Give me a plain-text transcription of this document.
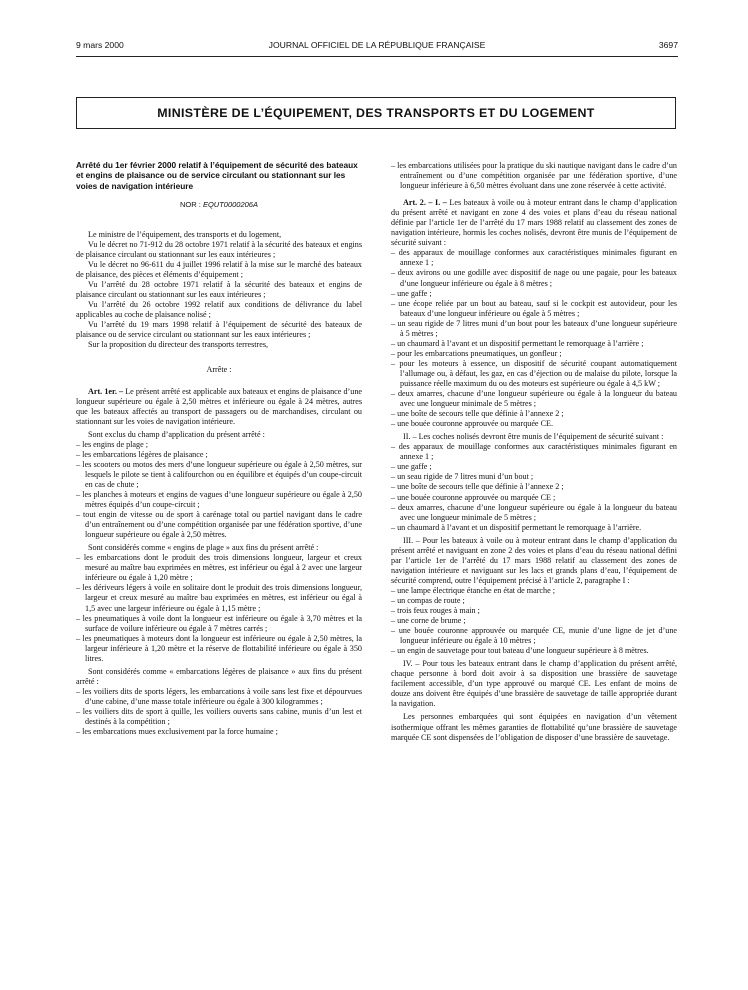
9 mars 2000	JOURNAL OFFICIEL DE LA RÉPUBLIQUE FRANÇAISE	3697
MINISTÈRE DE L’ÉQUIPEMENT, DES TRANSPORTS ET DU LOGEMENT

Arrêté du 1er février 2000 relatif à l’équipement de sécurité des bateaux et engins de plaisance ou de service circulant ou stationnant sur les voies de navigation intérieure

NOR : EQUT0000206A

Le ministre de l’équipement, des transports et du logement,

Vu le décret no 71-912 du 28 octobre 1971 relatif à la sécurité des bateaux et engins de plaisance circulant ou stationnant sur les eaux intérieures ;

Vu le décret no 96-611 du 4 juillet 1996 relatif à la mise sur le marché des bateaux de plaisance, des pièces et éléments d’équipement ;

Vu l’arrêté du 28 octobre 1971 relatif à la sécurité des bateaux et engins de plaisance circulant ou stationnant sur les eaux intérieures ;

Vu l’arrêté du 26 octobre 1992 relatif aux conditions de délivrance du label applicables au coche de plaisance nolisé ;

Vu l’arrêté du 19 mars 1998 relatif à l’équipement de sécurité des bateaux de plaisance ou de service circulant ou stationnant sur les eaux intérieures ;

Sur la proposition du directeur des transports terrestres,

Arrête :

Art. 1er. – Le présent arrêté est applicable aux bateaux et engins de plaisance d’une longueur supérieure ou égale à 2,50 mètres et inférieure ou égale à 24 mètres, autres que les bateaux affectés au transport de passagers ou de marchandises, circulant ou stationnant sur les voies de navigation intérieure.

Sont exclus du champ d’application du présent arrêté :

– les engins de plage ;
– les embarcations légères de plaisance ;
– les scooters ou motos des mers d’une longueur supérieure ou égale à 2,50 mètres, sur lesquels le pilote se tient à califourchon ou en équilibre et équipés d’un coupe-circuit en cas de chute ;
– les planches à moteurs et engins de vagues d’une longueur supérieure ou égale à 2,50 mètres équipés d’un coupe-circuit ;
– tout engin de vitesse ou de sport à carénage total ou partiel navigant dans le cadre d’un entraînement ou d’une compétition organisée par une fédération sportive, d’une longueur supérieure ou égale à 2,50 mètres.

Sont considérés comme « engins de plage » aux fins du présent arrêté :

– les embarcations dont le produit des trois dimensions longueur, largeur et creux mesuré au maître bau exprimées en mètres, est inférieur ou égal à 2 avec une largeur inférieure ou égale à 1,20 mètre ;
– les dériveurs légers à voile en solitaire dont le produit des trois dimensions longueur, largeur et creux mesuré au maître bau exprimées en mètres, est inférieur ou égal à 1,5 avec une largeur inférieure ou égale à 1,15 mètre ;
– les pneumatiques à voile dont la longueur est inférieure ou égale à 3,70 mètres et la surface de voilure inférieure ou égale à 7 mètres carrés ;
– les pneumatiques à moteurs dont la longueur est inférieure ou égale à 2,50 mètres, la largeur inférieure à 1,20 mètre et la réserve de flottabilité inférieure ou égale à 350 litres.

Sont considérés comme « embarcations légères de plaisance » aux fins du présent arrêté :

– les voiliers dits de sports légers, les embarcations à voile sans lest fixe et dépourvues d’une cabine, d’une masse totale inférieure ou égale à 300 kilogrammes ;
– les voiliers dits de sport à quille, les voiliers ouverts sans cabine, munis d’un lest et destinés à la compétition ;
– les embarcations mues exclusivement par la force humaine ;
– les embarcations utilisées pour la pratique du ski nautique navigant dans le cadre d’un entraînement ou d’une compétition organisée par une fédération sportive, d’une longueur inférieure à 6,50 mètres évoluant dans une zone réservée à cette activité.

Art. 2. – I. – Les bateaux à voile ou à moteur entrant dans le champ d’application du présent arrêté et navigant en zone 4 des voies et plans d’eau du réseau national définie par l’article 1er de l’arrêté du 17 mars 1988 relatif au classement des zones de navigation intérieure, hormis les coches nolisés, devront être munis de l’équipement de sécurité suivant :

– des apparaux de mouillage conformes aux caractéristiques minimales figurant en annexe 1 ;
– deux avirons ou une godille avec dispositif de nage ou une pagaie, pour les bateaux d’une longueur inférieure ou égale à 8 mètres ;
– une gaffe ;
– une écope reliée par un bout au bateau, sauf si le cockpit est autovideur, pour les bateaux d’une longueur inférieure ou égale à 5 mètres ;
– un seau rigide de 7 litres muni d’un bout pour les bateaux d’une longueur supérieure à 5 mètres ;
– un chaumard à l’avant et un dispositif permettant le remorquage à l’arrière ;
– pour les embarcations pneumatiques, un gonfleur ;
– pour les moteurs à essence, un dispositif de sécurité coupant automatiquement l’allumage ou, à défaut, les gaz, en cas d’éjection ou de malaise du pilote, lorsque la puissance réelle maximum du ou des moteurs est supérieure ou égale à 4,5 kW ;
– deux amarres, chacune d’une longueur supérieure ou égale à la longueur du bateau avec une longueur minimale de 5 mètres ;
– une boîte de secours telle que définie à l’annexe 2 ;
– une bouée couronne approuvée ou marquée CE.

II. – Les coches nolisés devront être munis de l’équipement de sécurité suivant :

– des apparaux de mouillage conformes aux caractéristiques minimales figurant en annexe 1 ;
– une gaffe ;
– un seau rigide de 7 litres muni d’un bout ;
– une boîte de secours telle que définie à l’annexe 2 ;
– une bouée couronne approuvée ou marquée CE ;
– deux amarres, chacune d’une longueur supérieure ou égale à la longueur du bateau avec une longueur minimale de 5 mètres ;
– un chaumard à l’avant et un dispositif permettant le remorquage à l’arrière.

III. – Pour les bateaux à voile ou à moteur entrant dans le champ d’application du présent arrêté et naviguant en zone 2 des voies et plans d’eau du réseau national défini par l’article 1er de l’arrêté du 17 mars 1988 relatif au classement des zones de navigation intérieure et naviguant sur les lacs et grands plans d’eau, l’équipement de sécurité comprend, outre l’équipement précisé à l’article 2, paragraphe I :

– une lampe électrique étanche en état de marche ;
– un compas de route ;
– trois feux rouges à main ;
– une corne de brume ;
– une bouée couronne approuvée ou marquée CE, munie d’une ligne de jet d’une longueur inférieure ou égale à 10 mètres ;
– un engin de sauvetage pour tout bateau d’une longueur supérieure à 8 mètres.

IV. – Pour tous les bateaux entrant dans le champ d’application du présent arrêté, chaque personne à bord doit avoir à sa disposition une brassière de sauvetage facilement accessible, d’un type approuvé ou marqué CE. Les enfant de moins de douze ans doivent être équipés d’une brassière de sauvetage de taille appropriée durant la navigation.

Les personnes embarquées qui sont équipées en navigation d’un vêtement isothermique offrant les mêmes garanties de flottabilité qu’une brassière de sauvetage marquée CE sont dispensées de l’obligation de disposer d’une brassière de sauvetage.
